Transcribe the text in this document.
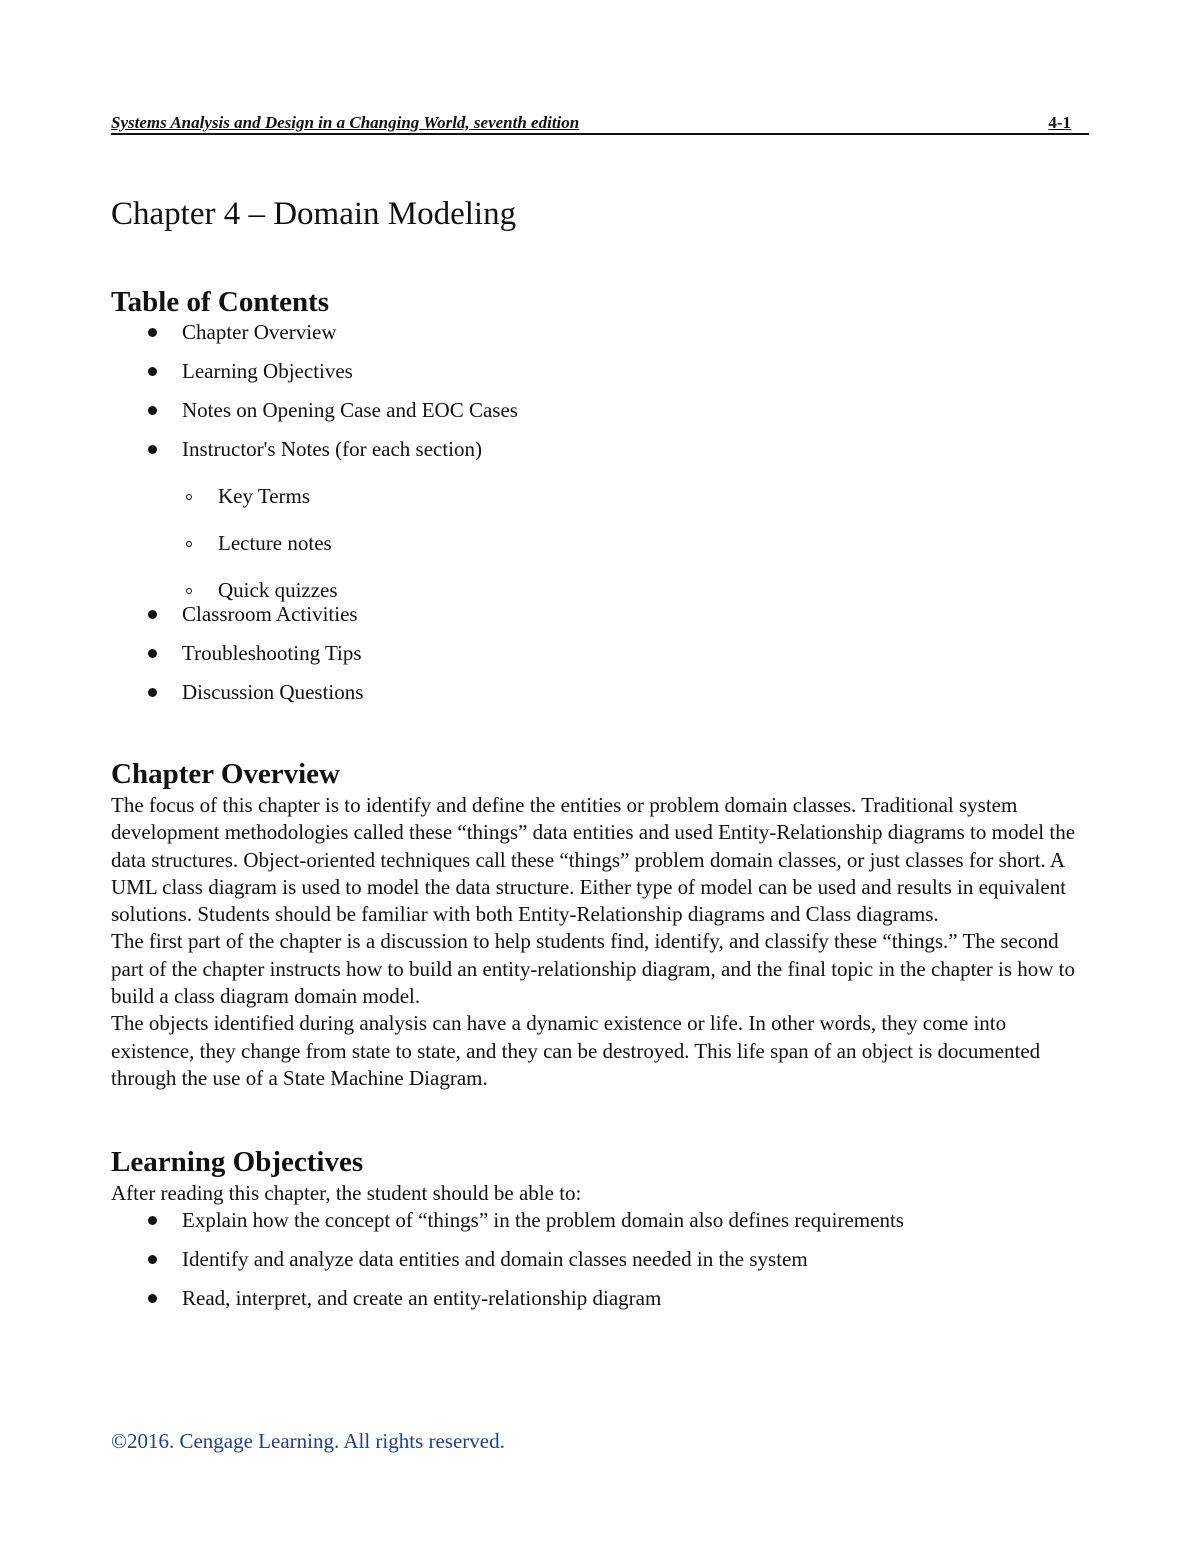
Systems Analysis and Design in a Changing World, seventh edition	4-1
Chapter 4 – Domain Modeling
Table of Contents
Chapter Overview
Learning Objectives
Notes on Opening Case and EOC Cases
Instructor's Notes (for each section)
Key Terms
Lecture notes
Quick quizzes
Classroom Activities
Troubleshooting Tips
Discussion Questions
Chapter Overview

The focus of this chapter is to identify and define the entities or problem domain classes. Traditional system development methodologies called these “things” data entities and used Entity-Relationship diagrams to model the data structures. Object-oriented techniques call these “things” problem domain classes, or just classes for short. A UML class diagram is used to model the data structure. Either type of model can be used and results in equivalent solutions. Students should be familiar with both Entity-Relationship diagrams and Class diagrams.

The first part of the chapter is a discussion to help students find, identify, and classify these “things.” The second part of the chapter instructs how to build an entity-relationship diagram, and the final topic in the chapter is how to build a class diagram domain model.

The objects identified during analysis can have a dynamic existence or life. In other words, they come into existence, they change from state to state, and they can be destroyed. This life span of an object is documented through the use of a State Machine Diagram.

Learning Objectives

After reading this chapter, the student should be able to:

Explain how the concept of “things” in the problem domain also defines requirements
Identify and analyze data entities and domain classes needed in the system
Read, interpret, and create an entity-relationship diagram
©2016. Cengage Learning. All rights reserved.
